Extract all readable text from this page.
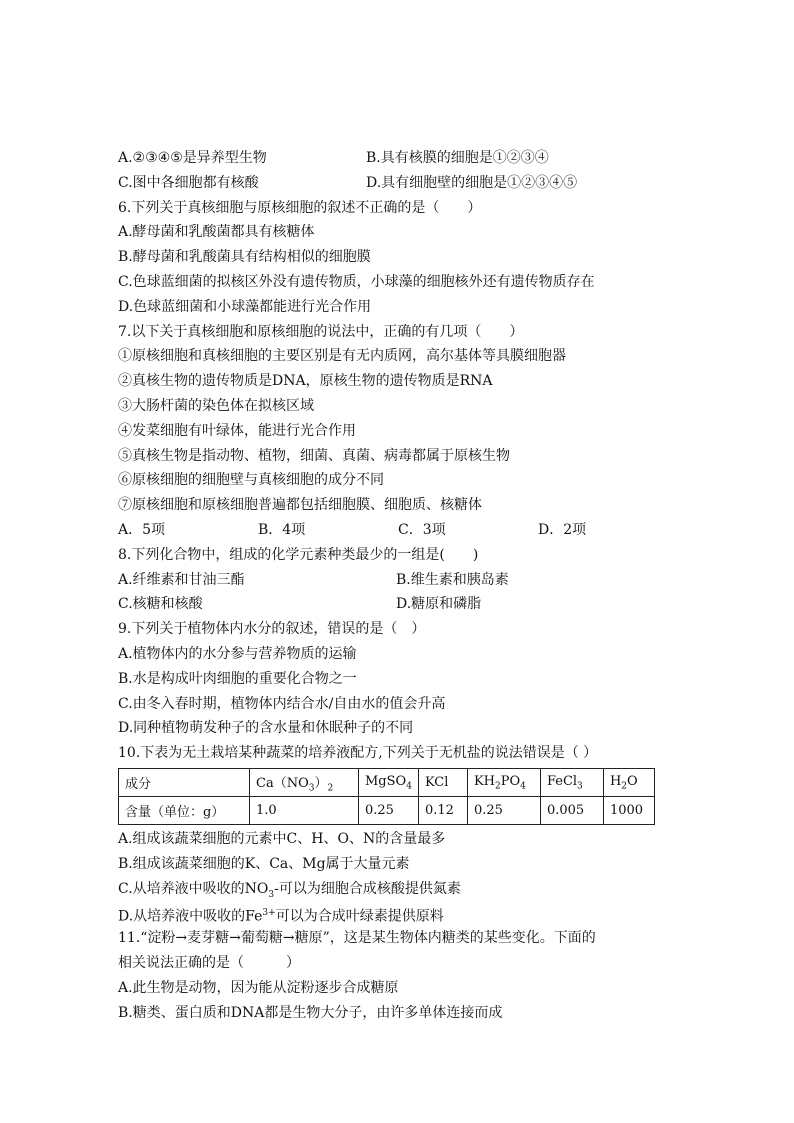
A.②③④⑤是异养型生物	B.具有核膜的细胞是①②③④
C.图中各细胞都有核酸	D.具有细胞壁的细胞是①②③④⑤
6.下列关于真核细胞与原核细胞的叙述不正确的是（　　）
A.酵母菌和乳酸菌都具有核糖体
B.酵母菌和乳酸菌具有结构相似的细胞膜
C.色球蓝细菌的拟核区外没有遗传物质，小球藻的细胞核外还有遗传物质存在
D.色球蓝细菌和小球藻都能进行光合作用
7.以下关于真核细胞和原核细胞的说法中，正确的有几项（　　）
①原核细胞和真核细胞的主要区别是有无内质网，高尔基体等具膜细胞器
②真核生物的遗传物质是DNA，原核生物的遗传物质是RNA
③大肠杆菌的染色体在拟核区域
④发菜细胞有叶绿体，能进行光合作用
⑤真核生物是指动物、植物，细菌、真菌、病毒都属于原核生物
⑥原核细胞的细胞壁与真核细胞的成分不同
⑦原核细胞和原核细胞普遍都包括细胞膜、细胞质、核糖体
A．5项	B．4项	C．3项	D．2项
8.下列化合物中，组成的化学元素种类最少的一组是(　　)
A.纤维素和甘油三酯	B.维生素和胰岛素
C.核糖和核酸	D.糖原和磷脂
9.下列关于植物体内水分的叙述，错误的是（　）
A.植物体内的水分参与营养物质的运输
B.水是构成叶肉细胞的重要化合物之一
C.由冬入春时期，植物体内结合水/自由水的值会升高
D.同种植物萌发种子的含水量和休眠种子的不同
10.下表为无土栽培某种蔬菜的培养液配方,下列关于无机盐的说法错误是（ ）
成分	$Ca(NO_3)_2$	MgSO$_4$	KCl	$KH_2PO_4$	FeCl$_3$	$H_2O$
含量（单位：g）	1.0	0.25	0.12	0.25	0.005	1000
A.组成该蔬菜细胞的元素中C、H、O、N的含量最多
B.组成该蔬菜细胞的K、Ca、Mg属于大量元素
C.从培养液中吸收的$NO_3-$可以为细胞合成核酸提供氮素
D.从培养液中吸收的$Fe^{3+}$可以为合成叶绿素提供原料
11.“淀粉→麦芽糖→葡萄糖→糖原”，这是某生物体内糖类的某些变化。下面的
相关说法正确的是（　　　）
A.此生物是动物，因为能从淀粉逐步合成糖原
B.糖类、蛋白质和DNA都是生物大分子，由许多单体连接而成
